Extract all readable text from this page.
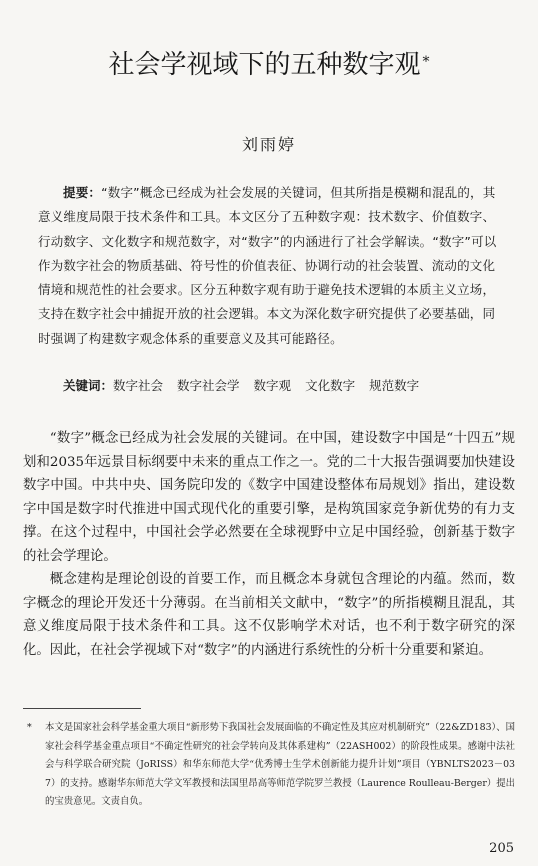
社会学视域下的五种数字观 *
刘雨婷
提要：“数字”概念已经成为社会发展的关键词，但其所指是模糊和混乱的，其意义维度局限于技术条件和工具。本文区分了五种数字观：技术数字、价值数字、行动数字、文化数字和规范数字，对“数字”的内涵进行了社会学解读。“数字”可以作为数字社会的物质基础、符号性的价值表征、协调行动的社会装置、流动的文化情境和规范性的社会要求。区分五种数字观有助于避免技术逻辑的本质主义立场，支持在数字社会中捕捉开放的社会逻辑。本文为深化数字研究提供了必要基础，同时强调了构建数字观念体系的重要意义及其可能路径。
关键词：数字社会 数字社会学 数字观 文化数字 规范数字

“数字”概念已经成为社会发展的关键词。在中国，建设数字中国是“十四五”规划和2035年远景目标纲要中未来的重点工作之一。党的二十大报告强调要加快建设数字中国。中共中央、国务院印发的《数字中国建设整体布局规划》指出，建设数字中国是数字时代推进中国式现代化的重要引擎，是构筑国家竞争新优势的有力支撑。在这个过程中，中国社会学必然要在全球视野中立足中国经验，创新基于数字的社会学理论。

概念建构是理论创设的首要工作，而且概念本身就包含理论的内蕴。然而，数字概念的理论开发还十分薄弱。在当前相关文献中，“数字”的所指模糊且混乱，其意义维度局限于技术条件和工具。这不仅影响学术对话，也不利于数字研究的深化。因此，在社会学视域下对“数字”的内涵进行系统性的分析十分重要和紧迫。

* 本文是国家社会科学基金重大项目“新形势下我国社会发展面临的不确定性及其应对机制研究”（22&ZD183）、国家社会科学基金重点项目“不确定性研究的社会学转向及其体系建构”（22ASH002）的阶段性成果。感谢中法社会与科学联合研究院（JoRISS）和华东师范大学“优秀博士生学术创新能力提升计划”项目（YBNLTS2023－037）的支持。感谢华东师范大学文军教授和法国里昂高等师范学院罗兰教授（Laurence Roulleau-Berger）提出的宝贵意见。文责自负。
205
